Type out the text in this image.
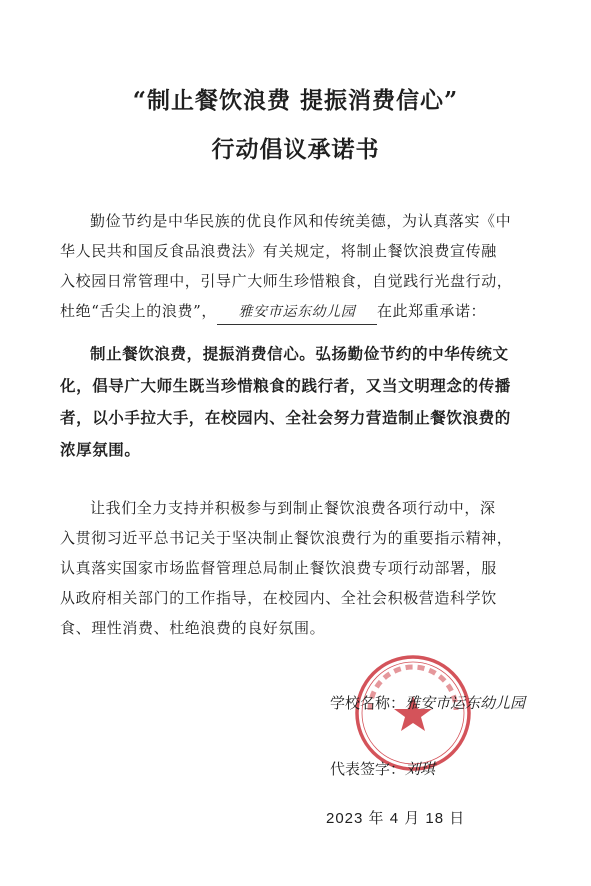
“制止餐饮浪费 提振消费信心”
行动倡议承诺书
勤俭节约是中华民族的优良作风和传统美德，为认真落实《中
华人民共和国反食品浪费法》有关规定，将制止餐饮浪费宣传融
入校园日常管理中，引导广大师生珍惜粮食，自觉践行光盘行动，
杜绝“舌尖上的浪费”， 雅安市运东幼儿园 在此郑重承诺：
制止餐饮浪费，提振消费信心。弘扬勤俭节约的中华传统文
化，倡导广大师生既当珍惜粮食的践行者，又当文明理念的传播
者，以小手拉大手，在校园内、全社会努力营造制止餐饮浪费的
浓厚氛围。
让我们全力支持并积极参与到制止餐饮浪费各项行动中，深
入贯彻习近平总书记关于坚决制止餐饮浪费行为的重要指示精神，
认真落实国家市场监督管理总局制止餐饮浪费专项行动部署，服
从政府相关部门的工作指导，在校园内、全社会积极营造科学饮
食、理性消费、杜绝浪费的良好氛围。
学校名称：雅安市运东幼儿园
代表签字：刘琪
2023 年 4 月 18 日
